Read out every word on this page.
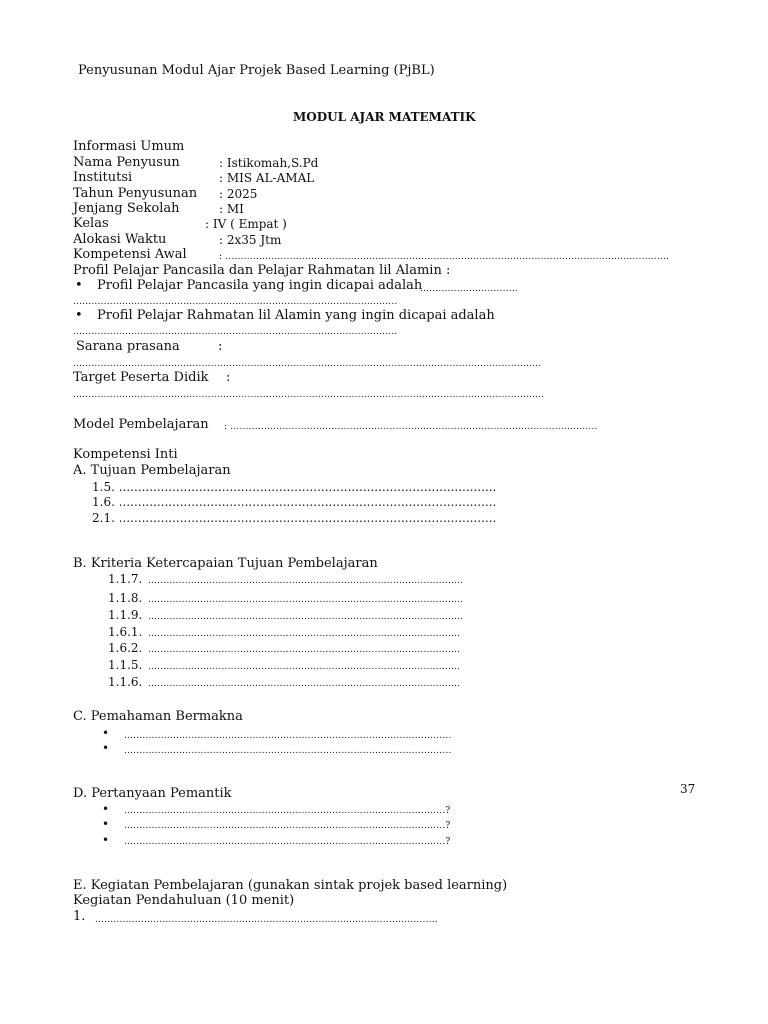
Penyusunan Modul Ajar Projek Based Learning (PjBL)
MODUL AJAR MATEMATIK
Informasi Umum
Nama Penyusun	: Istikomah,S.Pd
Institutsi	: MIS AL-AMAL
Tahun Penyusunan : 2025
Jenjang Sekolah	: MI
Kelas	: IV ( Empat )
Alokasi Waktu	: 2x35 Jtm
Kompetensi Awal	: .................................................................................................................................................
Profil Pelajar Pancasila dan Pelajar Rahmatan lil Alamin :
• Profil Pelajar Pancasila yang ingin dicapai adalah
................................
..........................................................................................................
• Profil Pelajar Rahmatan lil Alamin yang ingin dicapai adalah
..........................................................................................................
Sarana prasana	:
.........................................................................................................................................................
Target Peserta Didik :
..........................................................................................................................................................
Model Pembelajaran : ........................................................................................................................
Kompetensi Inti
A. Tujuan Pembelajaran
1.5. ...................................................................................................
1.6. ...................................................................................................
2.1. ...................................................................................................
B. Kriteria Ketercapaian Tujuan Pembelajaran
1.1.7. .......................................................................................................
1.1.8. .......................................................................................................
1.1.9. .......................................................................................................
1.6.1. ......................................................................................................
1.6.2. ......................................................................................................
1.1.5. ......................................................................................................
1.1.6. ......................................................................................................
C. Pemahaman Bermakna
• ...........................................................................................................
• ...........................................................................................................
37
D. Pertanyaan Pemantik
• .........................................................................................................?
• .........................................................................................................?
• .........................................................................................................?
E. Kegiatan Pembelajaran (gunakan sintak projek based learning)
Kegiatan Pendahuluan (10 menit)
1. ................................................................................................................
